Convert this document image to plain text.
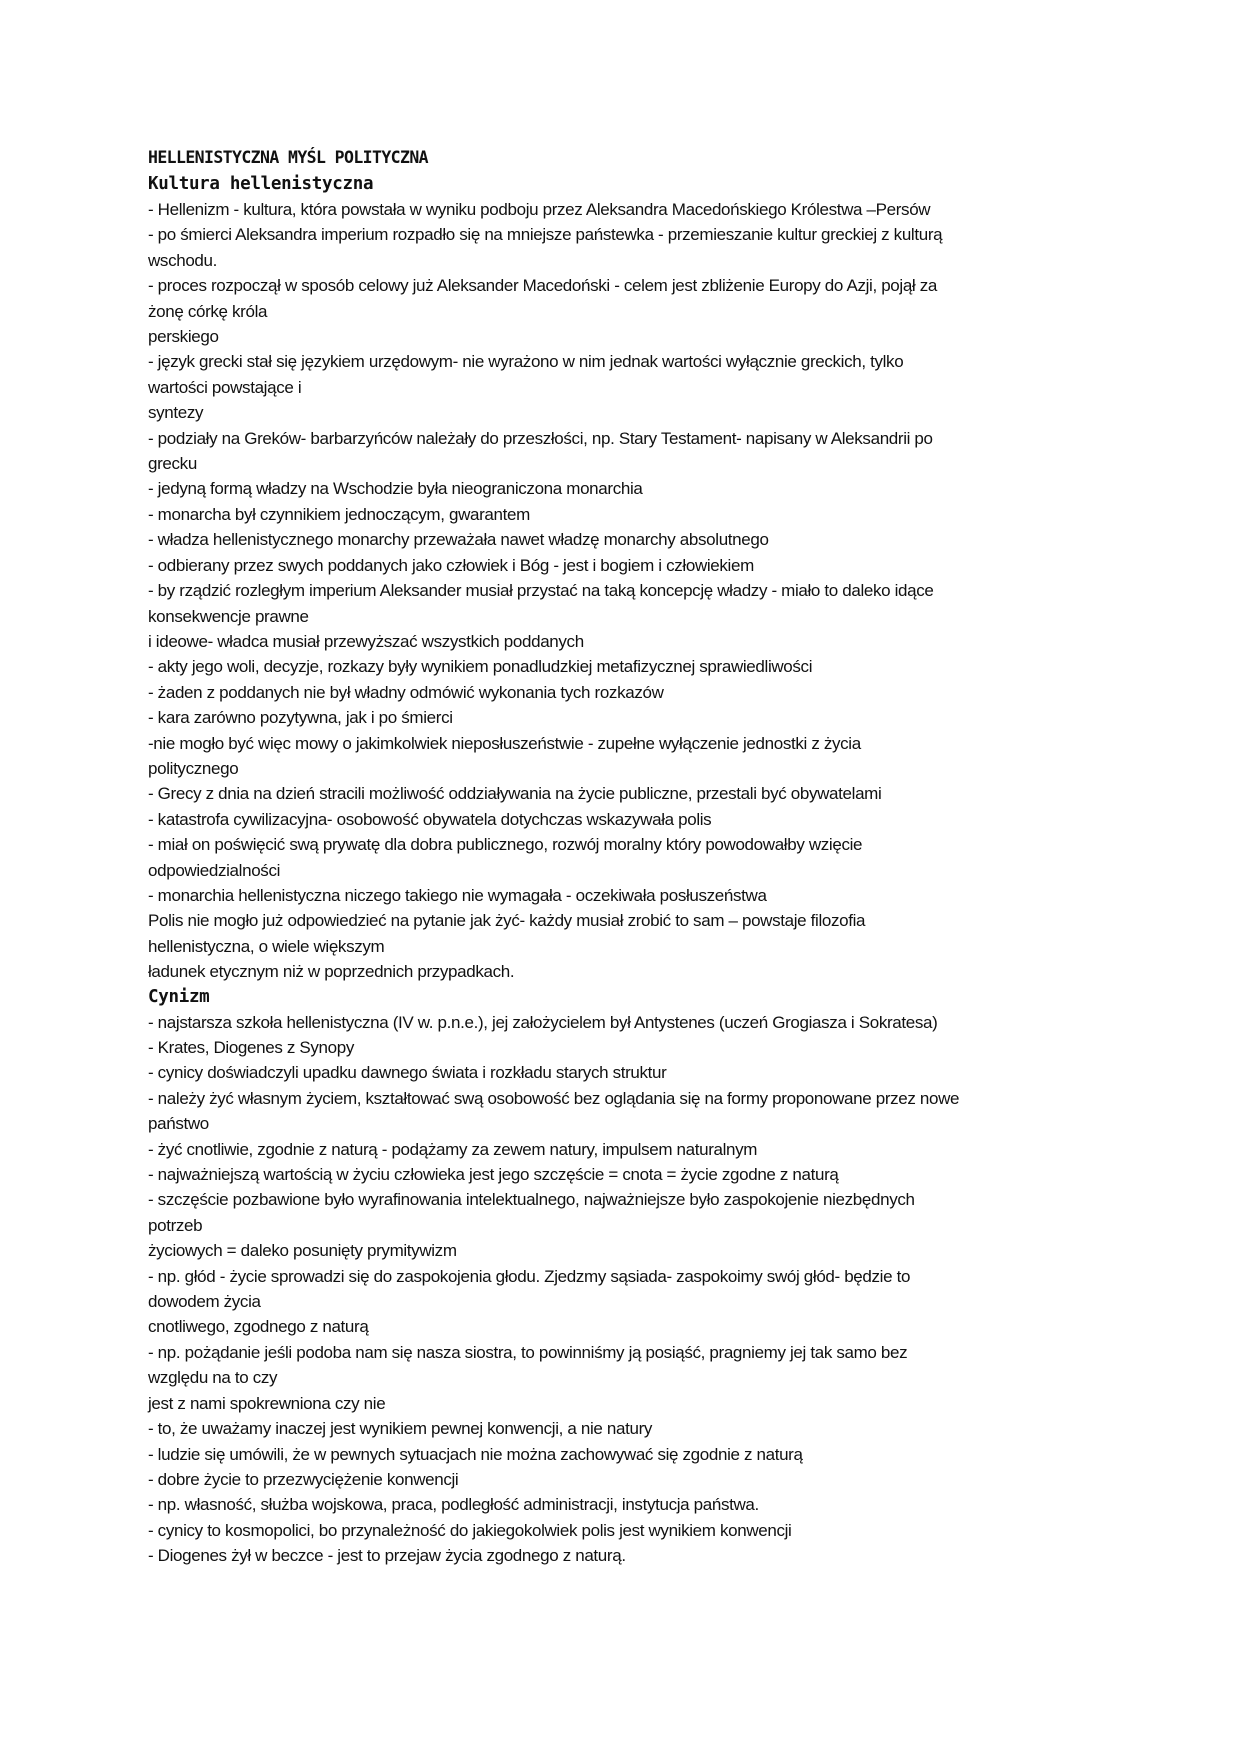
HELLENISTYCZNA MYŚL POLITYCZNA
Kultura hellenistyczna
- Hellenizm - kultura, która powstała w wyniku podboju przez Aleksandra Macedońskiego Królestwa –Persów
- po śmierci Aleksandra imperium rozpadło się na mniejsze państewka - przemieszanie kultur greckiej z kulturą
wschodu.
- proces rozpoczął w sposób celowy już Aleksander Macedoński - celem jest zbliżenie Europy do Azji, pojął za
żonę córkę króla
perskiego
- język grecki stał się językiem urzędowym- nie wyrażono w nim jednak wartości wyłącznie greckich, tylko
wartości powstające i
syntezy
- podziały na Greków- barbarzyńców należały do przeszłości, np. Stary Testament- napisany w Aleksandrii po
grecku
- jedyną formą władzy na Wschodzie była nieograniczona monarchia
- monarcha był czynnikiem jednoczącym, gwarantem
- władza hellenistycznego monarchy przeważała nawet władzę monarchy absolutnego
- odbierany przez swych poddanych jako człowiek i Bóg - jest i bogiem i człowiekiem
- by rządzić rozległym imperium Aleksander musiał przystać na taką koncepcję władzy - miało to daleko idące
konsekwencje prawne
i ideowe- władca musiał przewyższać wszystkich poddanych
- akty jego woli, decyzje, rozkazy były wynikiem ponadludzkiej metafizycznej sprawiedliwości
- żaden z poddanych nie był władny odmówić wykonania tych rozkazów
- kara zarówno pozytywna, jak i po śmierci
-nie mogło być więc mowy o jakimkolwiek nieposłuszeństwie - zupełne wyłączenie jednostki z życia
politycznego
- Grecy z dnia na dzień stracili możliwość oddziaływania na życie publiczne, przestali być obywatelami
- katastrofa cywilizacyjna- osobowość obywatela dotychczas wskazywała polis
- miał on poświęcić swą prywatę dla dobra publicznego, rozwój moralny który powodowałby wzięcie
odpowiedzialności
- monarchia hellenistyczna niczego takiego nie wymagała - oczekiwała posłuszeństwa
Polis nie mogło już odpowiedzieć na pytanie jak żyć- każdy musiał zrobić to sam – powstaje filozofia
hellenistyczna, o wiele większym
ładunek etycznym niż w poprzednich przypadkach.
Cynizm
- najstarsza szkoła hellenistyczna (IV w. p.n.e.), jej założycielem był Antystenes (uczeń Grogiasza i Sokratesa)
- Krates, Diogenes z Synopy
- cynicy doświadczyli upadku dawnego świata i rozkładu starych struktur
- należy żyć własnym życiem, kształtować swą osobowość bez oglądania się na formy proponowane przez nowe
państwo
- żyć cnotliwie, zgodnie z naturą - podążamy za zewem natury, impulsem naturalnym
- najważniejszą wartością w życiu człowieka jest jego szczęście = cnota = życie zgodne z naturą
- szczęście pozbawione było wyrafinowania intelektualnego, najważniejsze było zaspokojenie niezbędnych
potrzeb
życiowych = daleko posunięty prymitywizm
- np. głód - życie sprowadzi się do zaspokojenia głodu. Zjedzmy sąsiada- zaspokoimy swój głód- będzie to
dowodem życia
cnotliwego, zgodnego z naturą
- np. pożądanie jeśli podoba nam się nasza siostra, to powinniśmy ją posiąść, pragniemy jej tak samo bez
względu na to czy
jest z nami spokrewniona czy nie
- to, że uważamy inaczej jest wynikiem pewnej konwencji, a nie natury
- ludzie się umówili, że w pewnych sytuacjach nie można zachowywać się zgodnie z naturą
- dobre życie to przezwyciężenie konwencji
- np. własność, służba wojskowa, praca, podległość administracji, instytucja państwa.
- cynicy to kosmopolici, bo przynależność do jakiegokolwiek polis jest wynikiem konwencji
- Diogenes żył w beczce - jest to przejaw życia zgodnego z naturą.
